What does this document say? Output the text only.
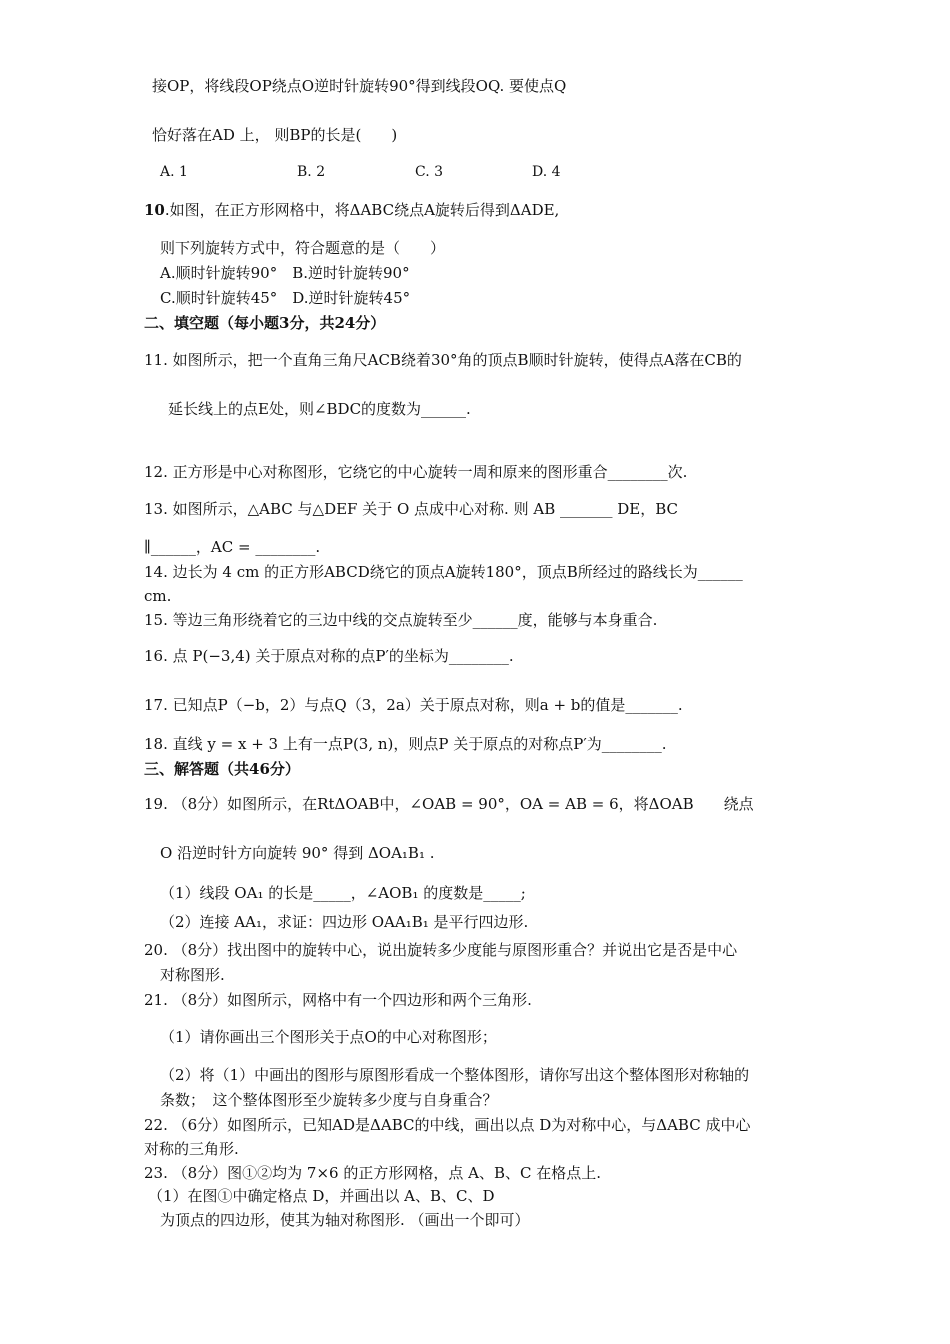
接OP，将线段OP绕点O逆时针旋转90°得到线段OQ. 要使点Q
恰好落在AD 上， 则BP的长是(　　)
A. 1	B. 2	C. 3	D. 4
10.如图，在正方形网格中，将ΔABC绕点A旋转后得到ΔADE,
则下列旋转方式中，符合题意的是（　　）
A.顺时针旋转90°　B.逆时针旋转90°
C.顺时针旋转45°　D.逆时针旋转45°
二、填空题（每小题3分，共24分）
11. 如图所示，把一个直角三角尺ACB绕着30°角的顶点B顺时针旋转，使得点A落在CB的
延长线上的点E处，则∠BDC的度数为______.
12. 正方形是中心对称图形，它绕它的中心旋转一周和原来的图形重合________次.
13. 如图所示，△ABC 与△DEF 关于 O 点成中心对称. 则 AB _______ DE，BC
∥______，AC = ________.
14. 边长为 4 cm 的正方形ABCD绕它的顶点A旋转180°，顶点B所经过的路线长为______
cm.
15. 等边三角形绕着它的三边中线的交点旋转至少______度，能够与本身重合.
16. 点 P(−3,4) 关于原点对称的点P′的坐标为________.
17. 已知点P（−b，2）与点Q（3，2a）关于原点对称，则a + b的值是_______.
18. 直线 y = x + 3 上有一点P(3, n)，则点P 关于原点的对称点P′为________.
三、解答题（共46分）
19. （8分）如图所示，在RtΔOAB中，∠OAB = 90°，OA = AB = 6，将ΔOAB　　绕点
O 沿逆时针方向旋转 90° 得到 ΔOA₁B₁ .
（1）线段 OA₁ 的长是_____，∠AOB₁ 的度数是_____;
（2）连接 AA₁，求证：四边形 OAA₁B₁ 是平行四边形.
20. （8分）找出图中的旋转中心，说出旋转多少度能与原图形重合？并说出它是否是中心
对称图形.
21. （8分）如图所示，网格中有一个四边形和两个三角形.
（1）请你画出三个图形关于点O的中心对称图形；
（2）将（1）中画出的图形与原图形看成一个整体图形，请你写出这个整体图形对称轴的
条数；　这个整体图形至少旋转多少度与自身重合？
22. （6分）如图所示，已知AD是ΔABC的中线，画出以点 D为对称中心，与ΔABC 成中心
对称的三角形.
23. （8分）图①②均为 7×6 的正方形网格，点 A、B、C 在格点上.
（1）在图①中确定格点 D，并画出以 A、B、C、D
为顶点的四边形，使其为轴对称图形. （画出一个即可）
